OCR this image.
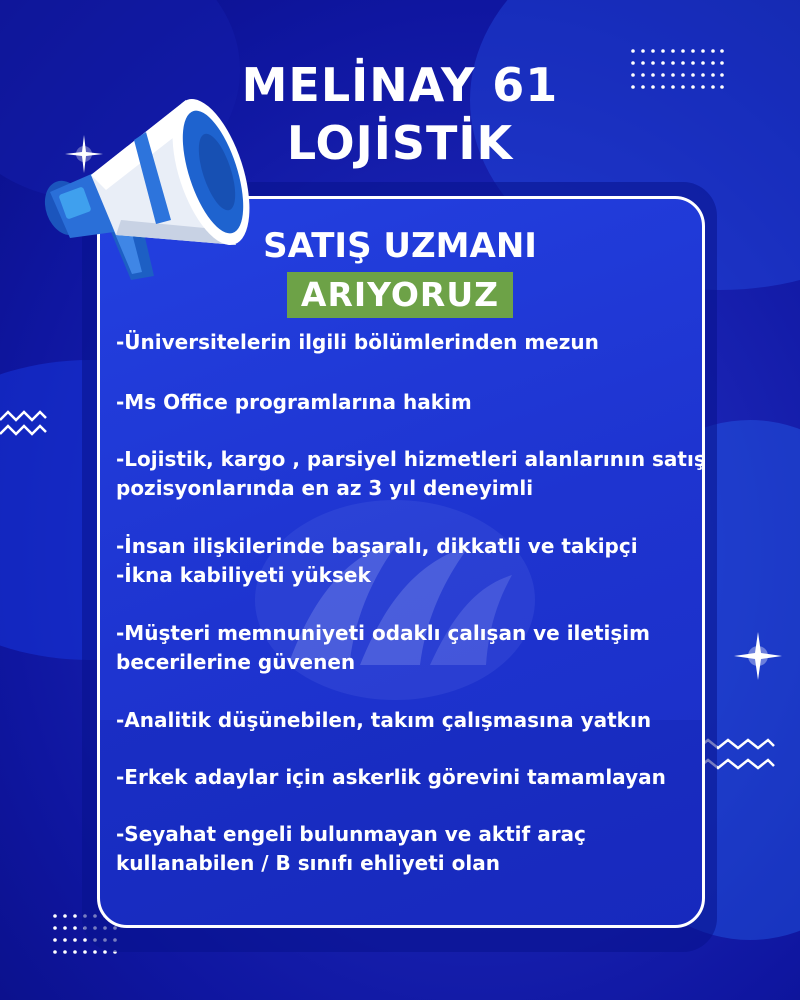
MELİNAY 61
LOJİSTİK
SATIŞ UZMANI
ARIYORUZ
-Üniversitelerin ilgili bölümlerinden mezun
-Ms Office programlarına hakim
-Lojistik, kargo , parsiyel hizmetleri alanlarının satış
pozisyonlarında en az 3 yıl deneyimli
-İnsan ilişkilerinde başaralı, dikkatli ve takipçi
-İkna kabiliyeti yüksek
-Müşteri memnuniyeti odaklı çalışan ve iletişim
becerilerine güvenen
-Analitik düşünebilen, takım çalışmasına yatkın
-Erkek adaylar için askerlik görevini tamamlayan
-Seyahat engeli bulunmayan ve aktif araç
kullanabilen / B sınıfı ehliyeti olan
